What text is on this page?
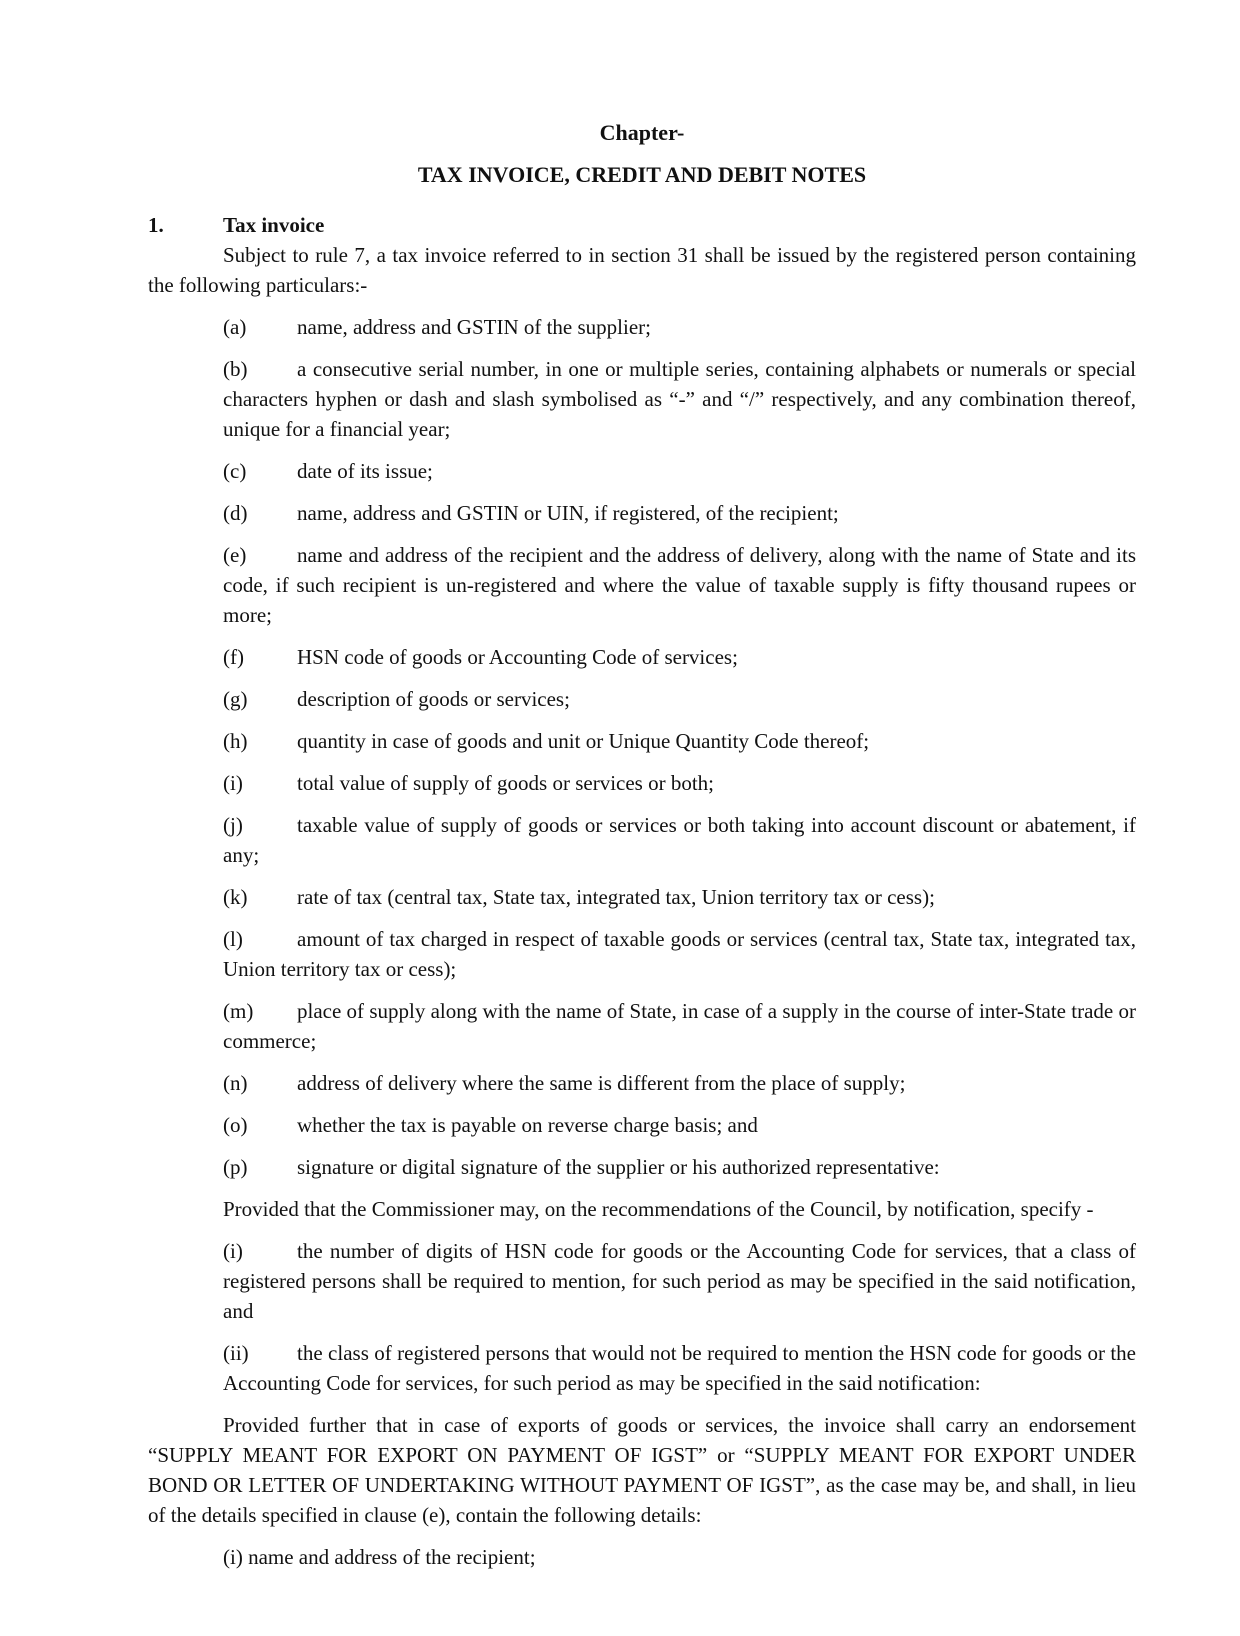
Chapter-
TAX INVOICE, CREDIT AND DEBIT NOTES
1.	Tax invoice

Subject to rule 7, a tax invoice referred to in section 31 shall be issued by the registered person containing the following particulars:-

(a) name, address and GSTIN of the supplier;
(b) a consecutive serial number, in one or multiple series, containing alphabets or numerals or special characters hyphen or dash and slash symbolised as “-” and “/” respectively, and any combination thereof, unique for a financial year;
(c) date of its issue;
(d) name, address and GSTIN or UIN, if registered, of the recipient;
(e) name and address of the recipient and the address of delivery, along with the name of State and its code, if such recipient is un-registered and where the value of taxable supply is fifty thousand rupees or more;
(f)	HSN code of goods or Accounting Code of services;
(g) description of goods or services;
(h) quantity in case of goods and unit or Unique Quantity Code thereof;
(i)	total value of supply of goods or services or both;
(j)	taxable value of supply of goods or services or both taking into account discount or abatement, if any;
(k) rate of tax (central tax, State tax, integrated tax, Union territory tax or cess);
(l)	amount of tax charged in respect of taxable goods or services (central tax, State tax, integrated tax, Union territory tax or cess);
(m) place of supply along with the name of State, in case of a supply in the course of inter-State trade or commerce;
(n) address of delivery where the same is different from the place of supply;
(o) whether the tax is payable on reverse charge basis; and
(p) signature or digital signature of the supplier or his authorized representative:
Provided that the Commissioner may, on the recommendations of the Council, by notification, specify -
(i)	the number of digits of HSN code for goods or the Accounting Code for services, that a class of registered persons shall be required to mention, for such period as may be specified in the said notification, and
(ii) the class of registered persons that would not be required to mention the HSN code for goods or the Accounting Code for services, for such period as may be specified in the said notification:

Provided further that in case of exports of goods or services, the invoice shall carry an endorsement “SUPPLY MEANT FOR EXPORT ON PAYMENT OF IGST” or “SUPPLY MEANT FOR EXPORT UNDER BOND OR LETTER OF UNDERTAKING WITHOUT PAYMENT OF IGST”, as the case may be, and shall, in lieu of the details specified in clause (e), contain the following details:

(i) name and address of the recipient;
